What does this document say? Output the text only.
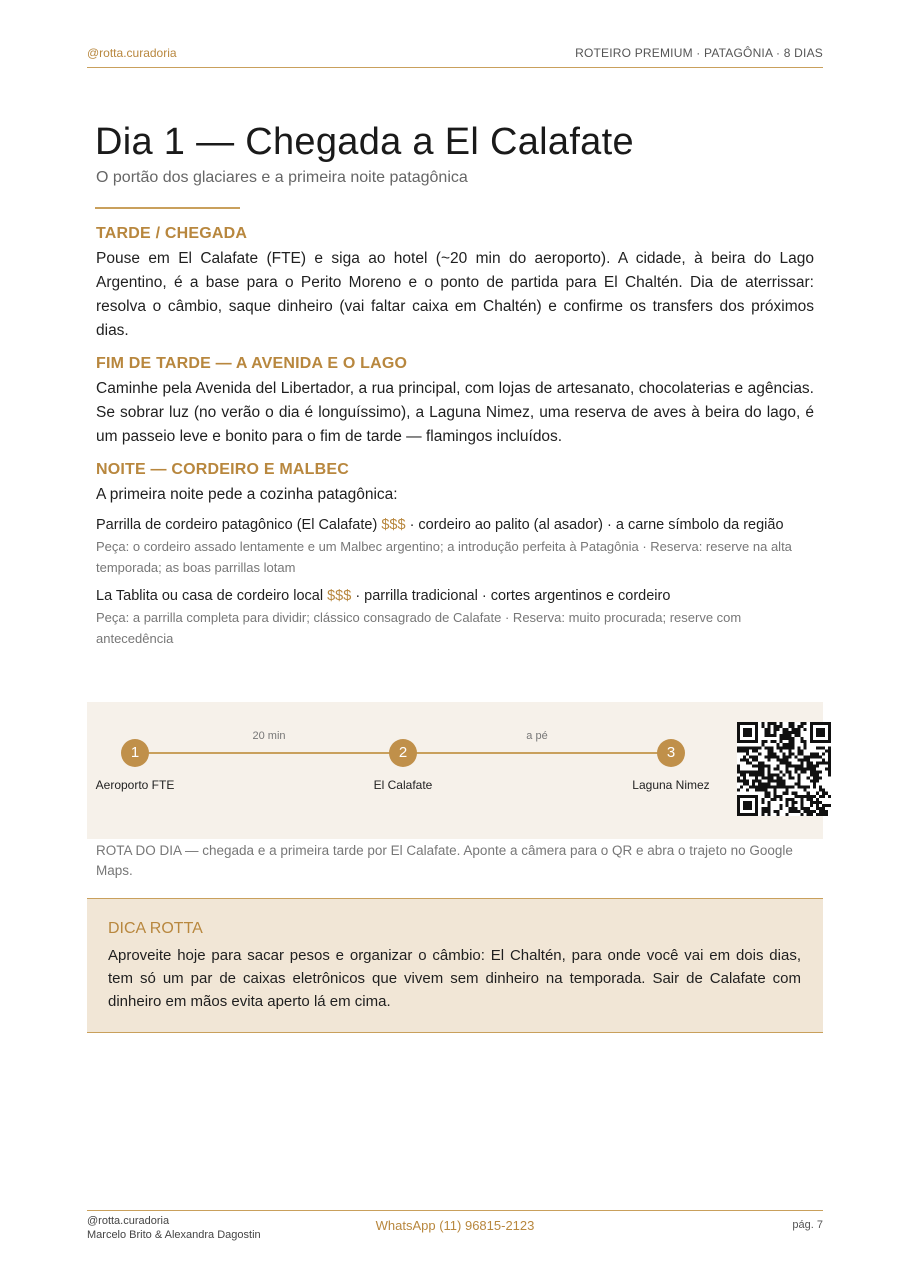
@rotta.curadoria	ROTEIRO PREMIUM · PATAGÔNIA · 8 DIAS
Dia 1 — Chegada a El Calafate
O portão dos glaciares e a primeira noite patagônica
TARDE / CHEGADA

Pouse em El Calafate (FTE) e siga ao hotel (~20 min do aeroporto). A cidade, à beira do Lago Argentino, é a base para o Perito Moreno e o ponto de partida para El Chaltén. Dia de aterrissar: resolva o câmbio, saque dinheiro (vai faltar caixa em Chaltén) e confirme os transfers dos próximos dias.

FIM DE TARDE — A AVENIDA E O LAGO

Caminhe pela Avenida del Libertador, a rua principal, com lojas de artesanato, chocolaterias e agências. Se sobrar luz (no verão o dia é longuíssimo), a Laguna Nimez, uma reserva de aves à beira do lago, é um passeio leve e bonito para o fim de tarde — flamingos incluídos.

NOITE — CORDEIRO E MALBEC

A primeira noite pede a cozinha patagônica:

Parrilla de cordeiro patagônico (El Calafate) $$$ · cordeiro ao palito (al asador) · a carne símbolo da região
Peça: o cordeiro assado lentamente e um Malbec argentino; a introdução perfeita à Patagônia · Reserva: reserve na alta temporada; as boas parrillas lotam
La Tablita ou casa de cordeiro local $$$ · parrilla tradicional · cortes argentinos e cordeiro
Peça: a parrilla completa para dividir; clássico consagrado de Calafate · Reserva: muito procurada; reserve com antecedência
20 min	a pé
1	2	3
Aeroporto FTE	El Calafate	Laguna Nimez
ROTA DO DIA — chegada e a primeira tarde por El Calafate. Aponte a câmera para o QR e abra o trajeto no Google Maps.
DICA ROTTA
Aproveite hoje para sacar pesos e organizar o câmbio: El Chaltén, para onde você vai em dois dias, tem só um par de caixas eletrônicos que vivem sem dinheiro na temporada. Sair de Calafate com dinheiro em mãos evita aperto lá em cima.
@rotta.curadoria
Marcelo Brito & Alexandra Dagostin
WhatsApp (11) 96815-2123	pág. 7
